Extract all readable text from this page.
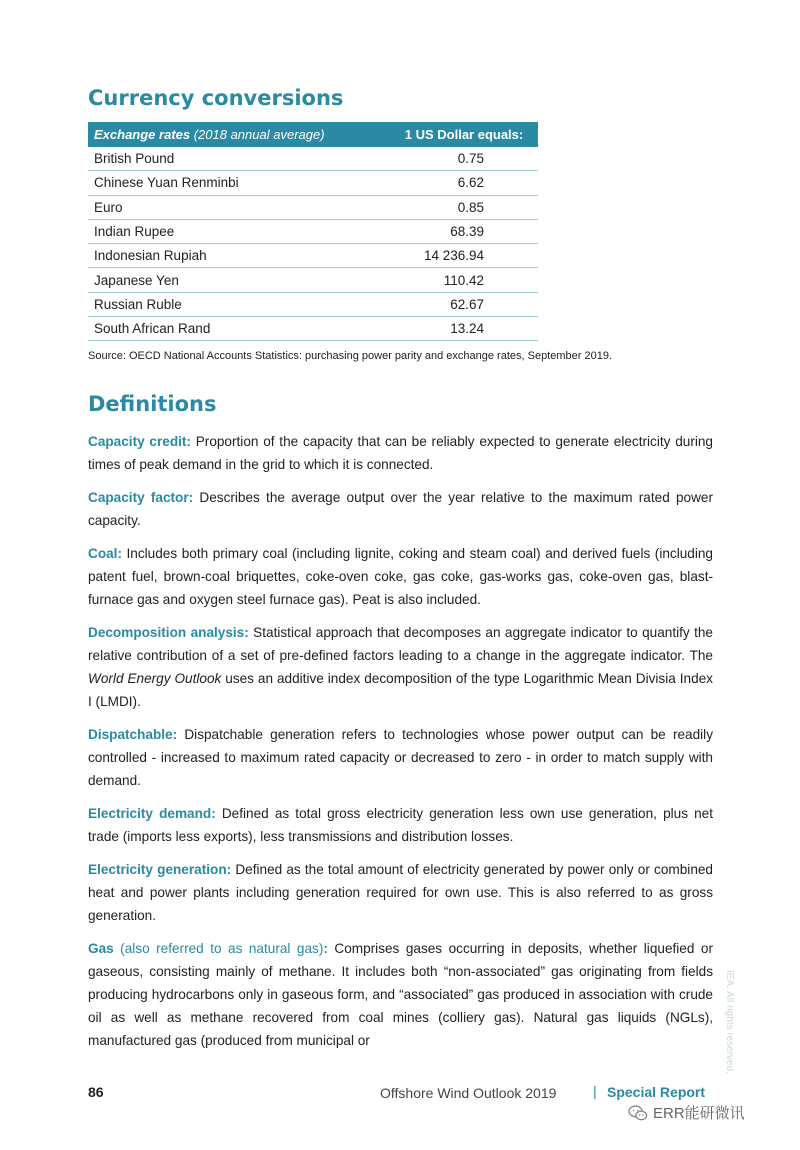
Currency conversions
Exchange rates (2018 annual average)	1 US Dollar equals:
British Pound	0.75
Chinese Yuan Renminbi	6.62
Euro	0.85
Indian Rupee	68.39
Indonesian Rupiah	14 236.94
Japanese Yen	110.42
Russian Ruble	62.67
South African Rand	13.24
Source: OECD National Accounts Statistics: purchasing power parity and exchange rates, September 2019.
Definitions

Capacity credit: Proportion of the capacity that can be reliably expected to generate electricity during times of peak demand in the grid to which it is connected.

Capacity factor: Describes the average output over the year relative to the maximum rated power capacity.

Coal: Includes both primary coal (including lignite, coking and steam coal) and derived fuels (including patent fuel, brown-coal briquettes, coke-oven coke, gas coke, gas-works gas, coke-oven gas, blast-furnace gas and oxygen steel furnace gas). Peat is also included.

Decomposition analysis: Statistical approach that decomposes an aggregate indicator to quantify the relative contribution of a set of pre-defined factors leading to a change in the aggregate indicator. The World Energy Outlook uses an additive index decomposition of the type Logarithmic Mean Divisia Index I (LMDI).

Dispatchable: Dispatchable generation refers to technologies whose power output can be readily controlled - increased to maximum rated capacity or decreased to zero - in order to match supply with demand.

Electricity demand: Defined as total gross electricity generation less own use generation, plus net trade (imports less exports), less transmissions and distribution losses.

Electricity generation: Defined as the total amount of electricity generated by power only or combined heat and power plants including generation required for own use. This is also referred to as gross generation.

Gas (also referred to as natural gas): Comprises gases occurring in deposits, whether liquefied or gaseous, consisting mainly of methane. It includes both “non-associated” gas originating from fields producing hydrocarbons only in gaseous form, and “associated” gas produced in association with crude oil as well as methane recovered from coal mines (colliery gas). Natural gas liquids (NGLs), manufactured gas (produced from municipal or	IEA. All rights reserved.
86	Offshore Wind Outlook 2019	| Special Report
ERR能研微讯
